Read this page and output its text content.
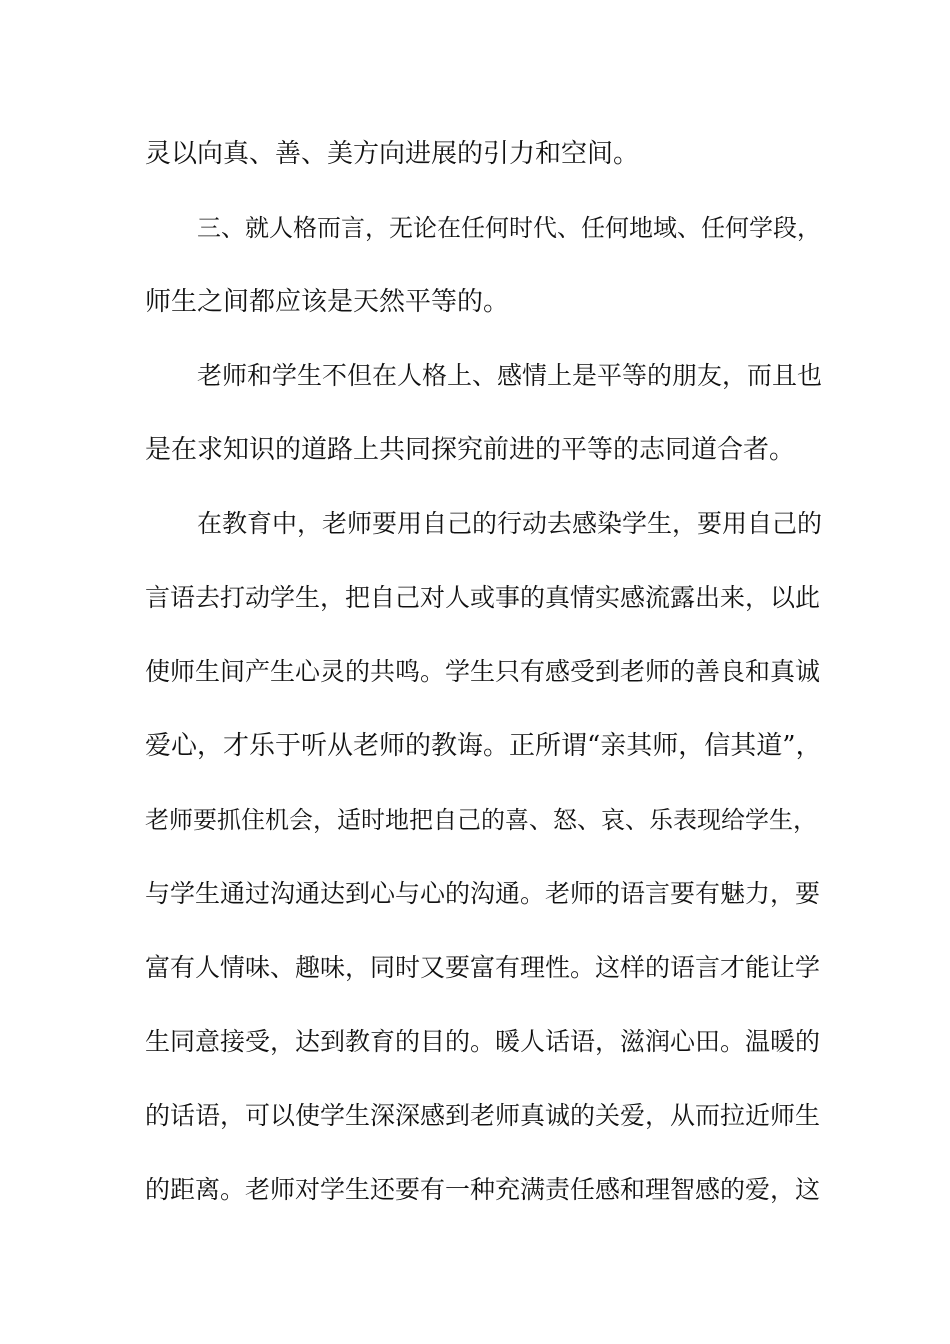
灵以向真、善、美方向进展的引力和空间。
三、就人格而言，无论在任何时代、任何地域、任何学段，
师生之间都应该是天然平等的。
老师和学生不但在人格上、感情上是平等的朋友，而且也
是在求知识的道路上共同探究前进的平等的志同道合者。
在教育中，老师要用自己的行动去感染学生，要用自己的
言语去打动学生，把自己对人或事的真情实感流露出来，以此
使师生间产生心灵的共鸣。学生只有感受到老师的善良和真诚
爱心，才乐于听从老师的教诲。正所谓“亲其师，信其道”，
老师要抓住机会，适时地把自己的喜、怒、哀、乐表现给学生，
与学生通过沟通达到心与心的沟通。老师的语言要有魅力，要
富有人情味、趣味，同时又要富有理性。这样的语言才能让学
生同意接受，达到教育的目的。暖人话语，滋润心田。温暖的
的话语，可以使学生深深感到老师真诚的关爱，从而拉近师生
的距离。老师对学生还要有一种充满责任感和理智感的爱，这
